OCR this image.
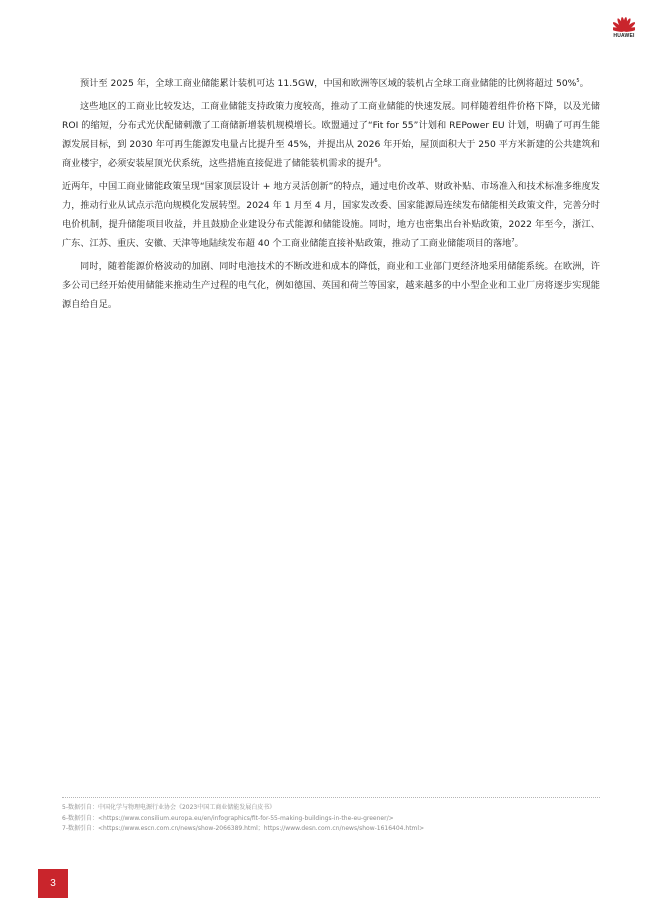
HUAWEI

预计至 2025 年，全球工商业储能累计装机可达 11.5GW，中国和欧洲等区域的装机占全球工商业储能的比例将超过 50%$^5$。

这些地区的工商业比较发达，工商业储能支持政策力度较高，推动了工商业储能的快速发展。同样随着组件价格下降，以及光储 ROI 的缩短，分布式光伏配储刺激了工商储新增装机规模增长。欧盟通过了“Fit for 55”计划和 REPower EU 计划，明确了可再生能源发展目标，到 2030 年可再生能源发电量占比提升至 45%，并提出从 2026 年开始，屋顶面积大于 250 平方米新建的公共建筑和商业楼宇，必须安装屋顶光伏系统，这些措施直接促进了储能装机需求的提升$^6$。

近两年，中国工商业储能政策呈现“国家顶层设计 + 地方灵活创新”的特点，通过电价改革、财政补贴、市场准入和技术标准多维度发力，推动行业从试点示范向规模化发展转型。2024 年 1 月至 4 月，国家发改委、国家能源局连续发布储能相关政策文件，完善分时电价机制，提升储能项目收益，并且鼓励企业建设分布式能源和储能设施。同时，地方也密集出台补贴政策，2022 年至今，浙江、广东、江苏、重庆、安徽、天津等地陆续发布超 40 个工商业储能直接补贴政策，推动了工商业储能项目的落地$^7$。

同时，随着能源价格波动的加剧、同时电池技术的不断改进和成本的降低，商业和工业部门更经济地采用储能系统。在欧洲，许多公司已经开始使用储能来推动生产过程的电气化，例如德国、英国和荷兰等国家，越来越多的中小型企业和工业厂房将逐步实现能源自给自足。

5-数据引自：中国化学与物理电源行业协会《2023中国工商业储能发展白皮书》
6-数据引自：<https://www.consilium.europa.eu/en/infographics/fit-for-55-making-buildings-in-the-eu-greener/>
7-数据引自：<https://www.escn.com.cn/news/show-2066389.html；https://www.desn.com.cn/news/show-1616404.html>
3
